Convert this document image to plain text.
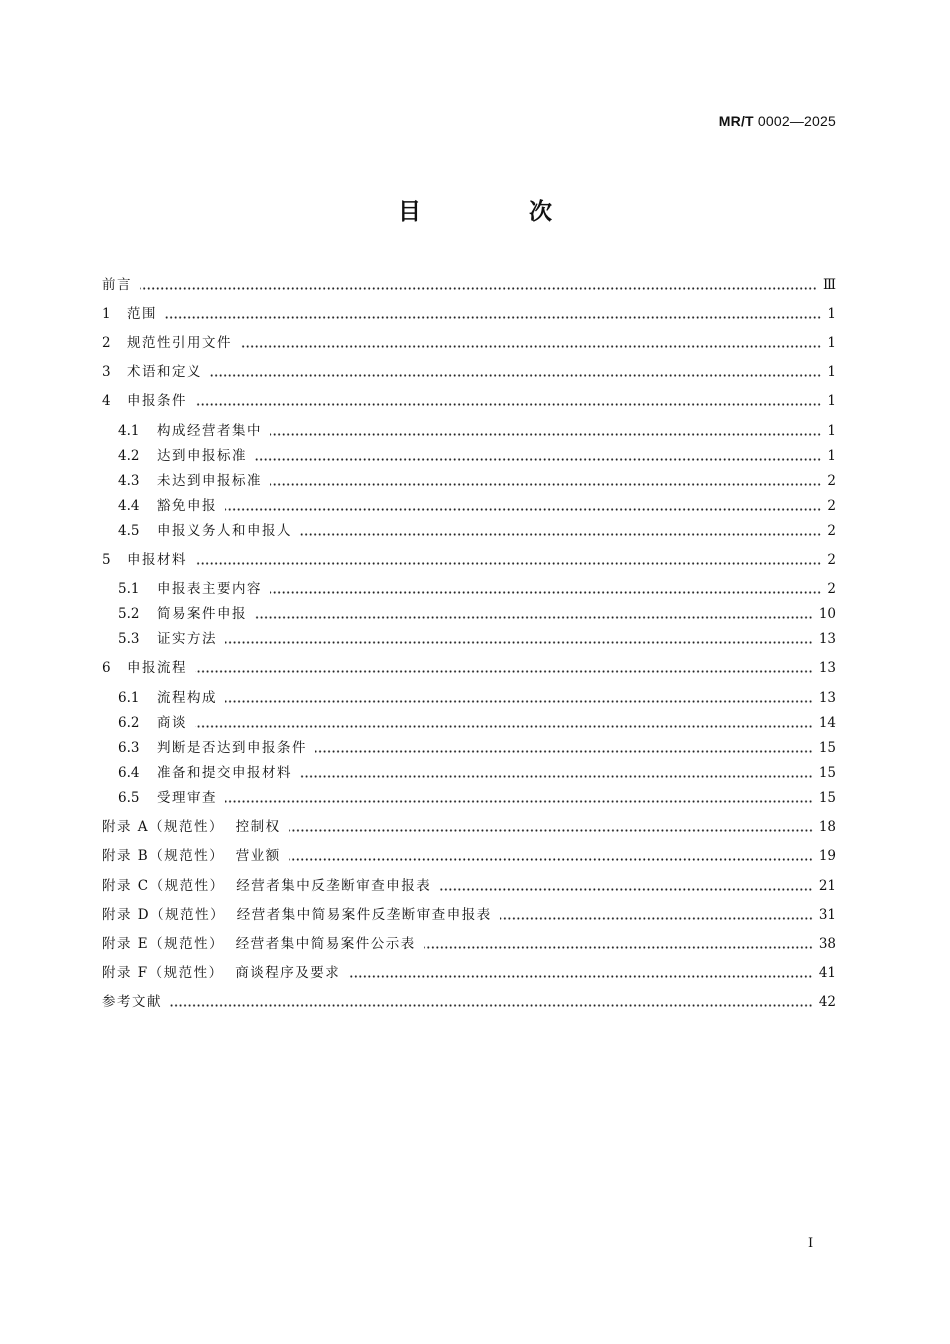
MR/T 0002—2025
目 次
前言	Ⅲ
1	范围	1
2	规范性引用文件	1
3	术语和定义	1
4	申报条件	1
4.1	构成经营者集中	1
4.2	达到申报标准	1
4.3	未达到申报标准	2
4.4	豁免申报	2
4.5	申报义务人和申报人	2
5	申报材料	2
5.1	申报表主要内容	2
5.2	简易案件申报	10
5.3	证实方法	13
6	申报流程	13
6.1	流程构成	13
6.2	商谈	14
6.3	判断是否达到申报条件	15
6.4	准备和提交申报材料	15
6.5	受理审查	15
附录 A（规范性）  控制权	18
附录 B（规范性）  营业额	19
附录 C（规范性）  经营者集中反垄断审查申报表	21
附录 D（规范性）  经营者集中简易案件反垄断审查申报表	31
附录 E（规范性）  经营者集中简易案件公示表	38
附录 F（规范性）  商谈程序及要求	41
参考文献	42
I
